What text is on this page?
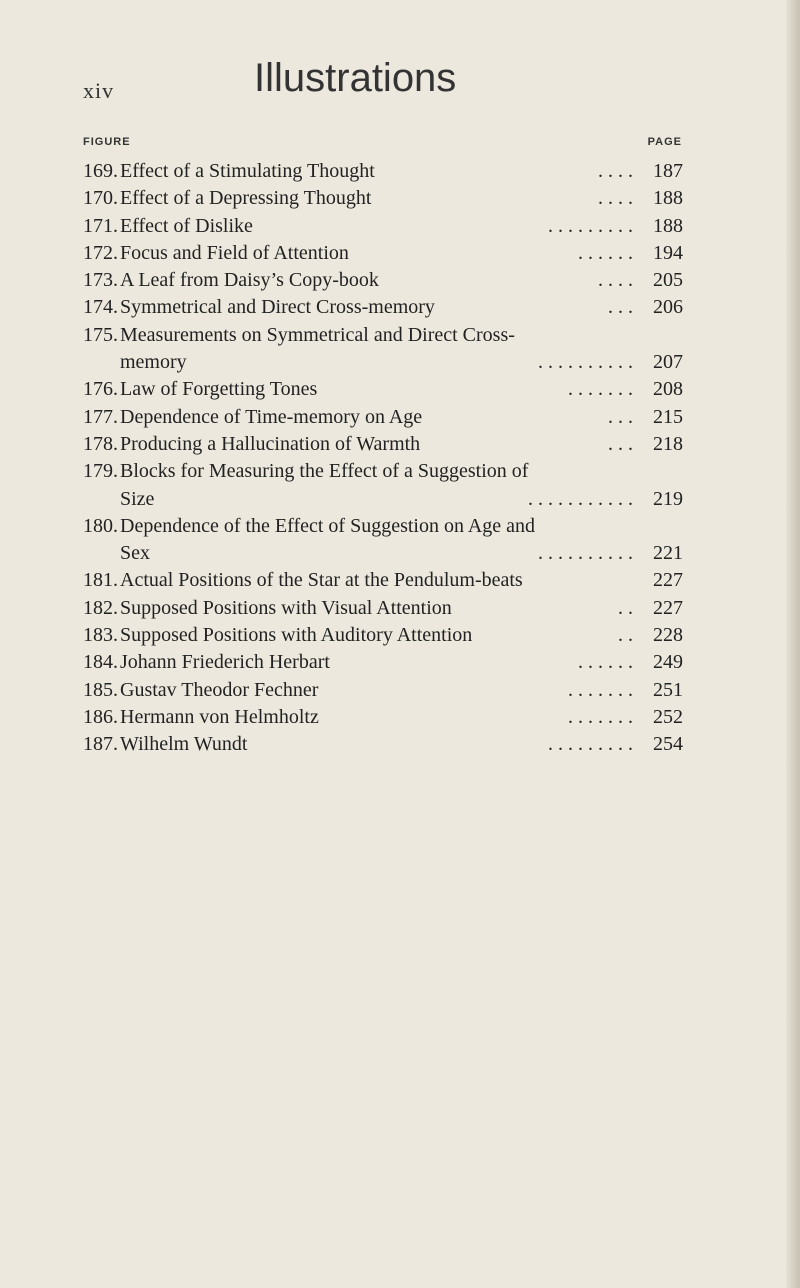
xiv	Illustrations
FIGURE	PAGE
169. Effect of a Stimulating Thought	. . . . 187
170. Effect of a Depressing Thought	. . . . 188
171. Effect of Dislike	. . . . . . . . . 188
172. Focus and Field of Attention	. . . . . . 194
173. A Leaf from Daisy’s Copy-book	. . . . 205
174. Symmetrical and Direct Cross-memory	. . . 206
175. Measurements on Symmetrical and Direct Cross-
memory	. . . . . . . . . . 207
176. Law of Forgetting Tones	. . . . . . . 208
177. Dependence of Time-memory on Age	. . . 215
178. Producing a Hallucination of Warmth	. . . 218
179. Blocks for Measuring the Effect of a Suggestion of
Size	. . . . . . . . . . . 219
180. Dependence of the Effect of Suggestion on Age and
Sex	. . . . . . . . . . 221
181. Actual Positions of the Star at the Pendulum-beats	227
182. Supposed Positions with Visual Attention	. . 227
183. Supposed Positions with Auditory Attention	. . 228
184. Johann Friederich Herbart	. . . . . . 249
185. Gustav Theodor Fechner	. . . . . . . 251
186. Hermann von Helmholtz	. . . . . . . 252
187. Wilhelm Wundt	. . . . . . . . . 254
